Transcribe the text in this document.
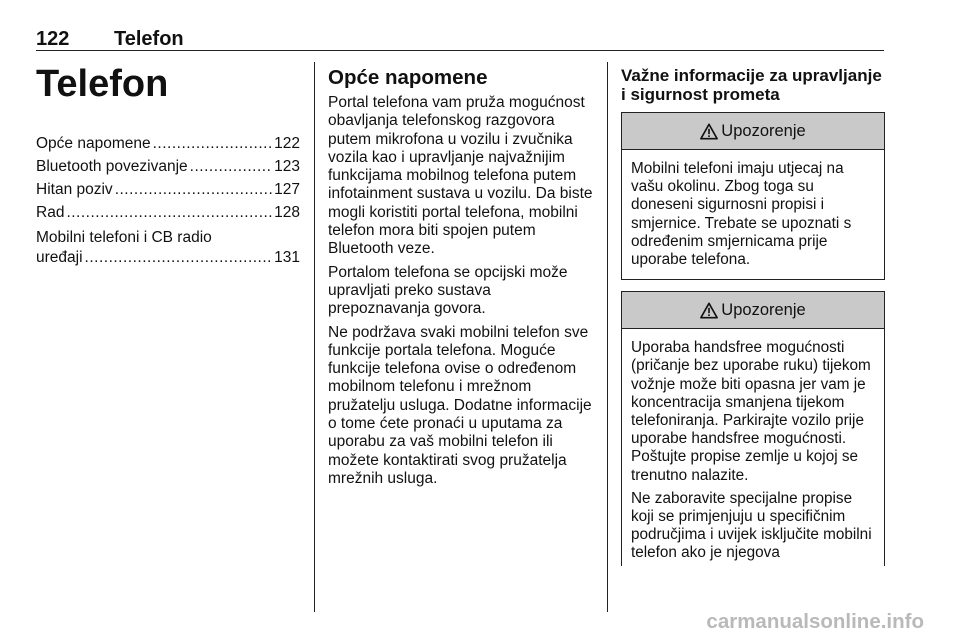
122 Telefon
Telefon
Opće napomene .....	122
Bluetooth povezivanje .....	123
Hitan poziv .....	127
Rad .....	128
Mobilni telefoni i CB radio
uređaji .....	131
Opće napomene

Portal telefona vam pruža mogućnost obavljanja telefonskog razgovora putem mikrofona u vozilu i zvučnika vozila kao i upravljanje najvažnijim funkcijama mobilnog telefona putem infotainment sustava u vozilu. Da biste mogli koristiti portal telefona, mobilni telefon mora biti spojen putem Bluetooth veze.

Portalom telefona se opcijski može upravljati preko sustava prepoznavanja govora.

Ne podržava svaki mobilni telefon sve funkcije portala telefona. Moguće funkcije telefona ovise o određenom mobilnom telefonu i mrežnom pružatelju usluga. Dodatne informacije o tome ćete pronaći u uputama za uporabu za vaš mobilni telefon ili možete kontaktirati svog pružatelja mrežnih usluga.

Važne informacije za upravljanje i sigurnost prometa
Upozorenje

Mobilni telefoni imaju utjecaj na vašu okolinu. Zbog toga su doneseni sigurnosni propisi i smjernice. Trebate se upoznati s određenim smjernicama prije uporabe telefona.

Upozorenje

Uporaba handsfree mogućnosti (pričanje bez uporabe ruku) tijekom vožnje može biti opasna jer vam je koncentracija smanjena tijekom telefoniranja. Parkirajte vozilo prije uporabe handsfree mogućnosti. Poštujte propise zemlje u kojoj se trenutno nalazite.

Ne zaboravite specijalne propise koji se primjenjuju u specifičnim područjima i uvijek isključite mobilni telefon ako je njegova

carmanualsonline.info
